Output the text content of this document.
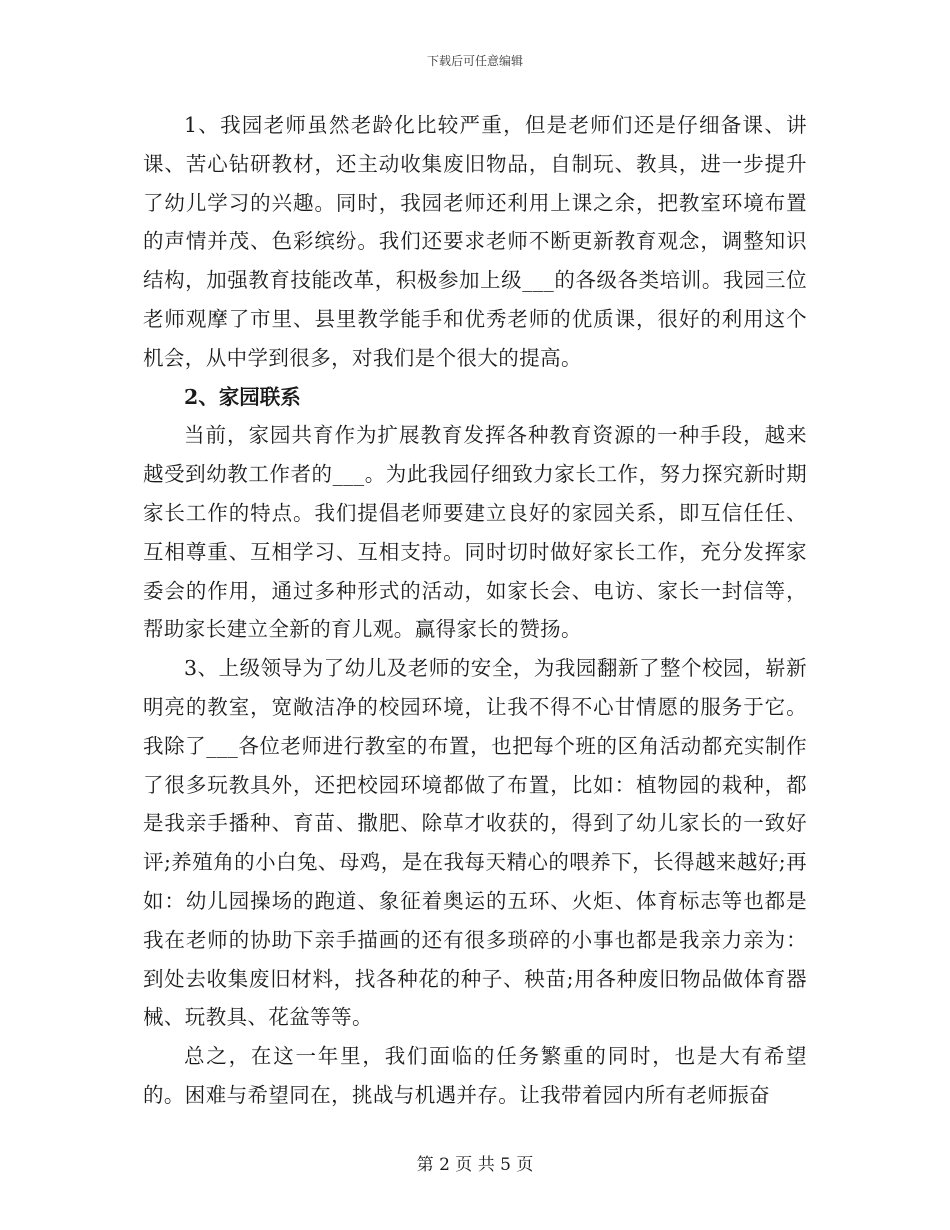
下载后可任意编辑

1、我园老师虽然老龄化比较严重，但是老师们还是仔细备课、讲课、苦心钻研教材，还主动收集废旧物品，自制玩、教具，进一步提升了幼儿学习的兴趣。同时，我园老师还利用上课之余，把教室环境布置的声情并茂、色彩缤纷。我们还要求老师不断更新教育观念，调整知识结构，加强教育技能改革，积极参加上级___的各级各类培训。我园三位老师观摩了市里、县里教学能手和优秀老师的优质课，很好的利用这个机会，从中学到很多，对我们是个很大的提高。

2、家园联系

当前，家园共育作为扩展教育发挥各种教育资源的一种手段，越来越受到幼教工作者的___。为此我园仔细致力家长工作，努力探究新时期家长工作的特点。我们提倡老师要建立良好的家园关系，即互信任任、互相尊重、互相学习、互相支持。同时切时做好家长工作，充分发挥家委会的作用，通过多种形式的活动，如家长会、电访、家长一封信等，帮助家长建立全新的育儿观。赢得家长的赞扬。

3、上级领导为了幼儿及老师的安全，为我园翻新了整个校园，崭新明亮的教室，宽敞洁净的校园环境，让我不得不心甘情愿的服务于它。我除了___各位老师进行教室的布置，也把每个班的区角活动都充实制作了很多玩教具外，还把校园环境都做了布置，比如：植物园的栽种，都是我亲手播种、育苗、撒肥、除草才收获的，得到了幼儿家长的一致好评;养殖角的小白兔、母鸡，是在我每天精心的喂养下，长得越来越好;再如：幼儿园操场的跑道、象征着奥运的五环、火炬、体育标志等也都是我在老师的协助下亲手描画的还有很多琐碎的小事也都是我亲力亲为：到处去收集废旧材料，找各种花的种子、秧苗;用各种废旧物品做体育器械、玩教具、花盆等等。

总之，在这一年里，我们面临的任务繁重的同时，也是大有希望的。困难与希望同在，挑战与机遇并存。让我带着园内所有老师振奋

第 2 页 共 5 页
